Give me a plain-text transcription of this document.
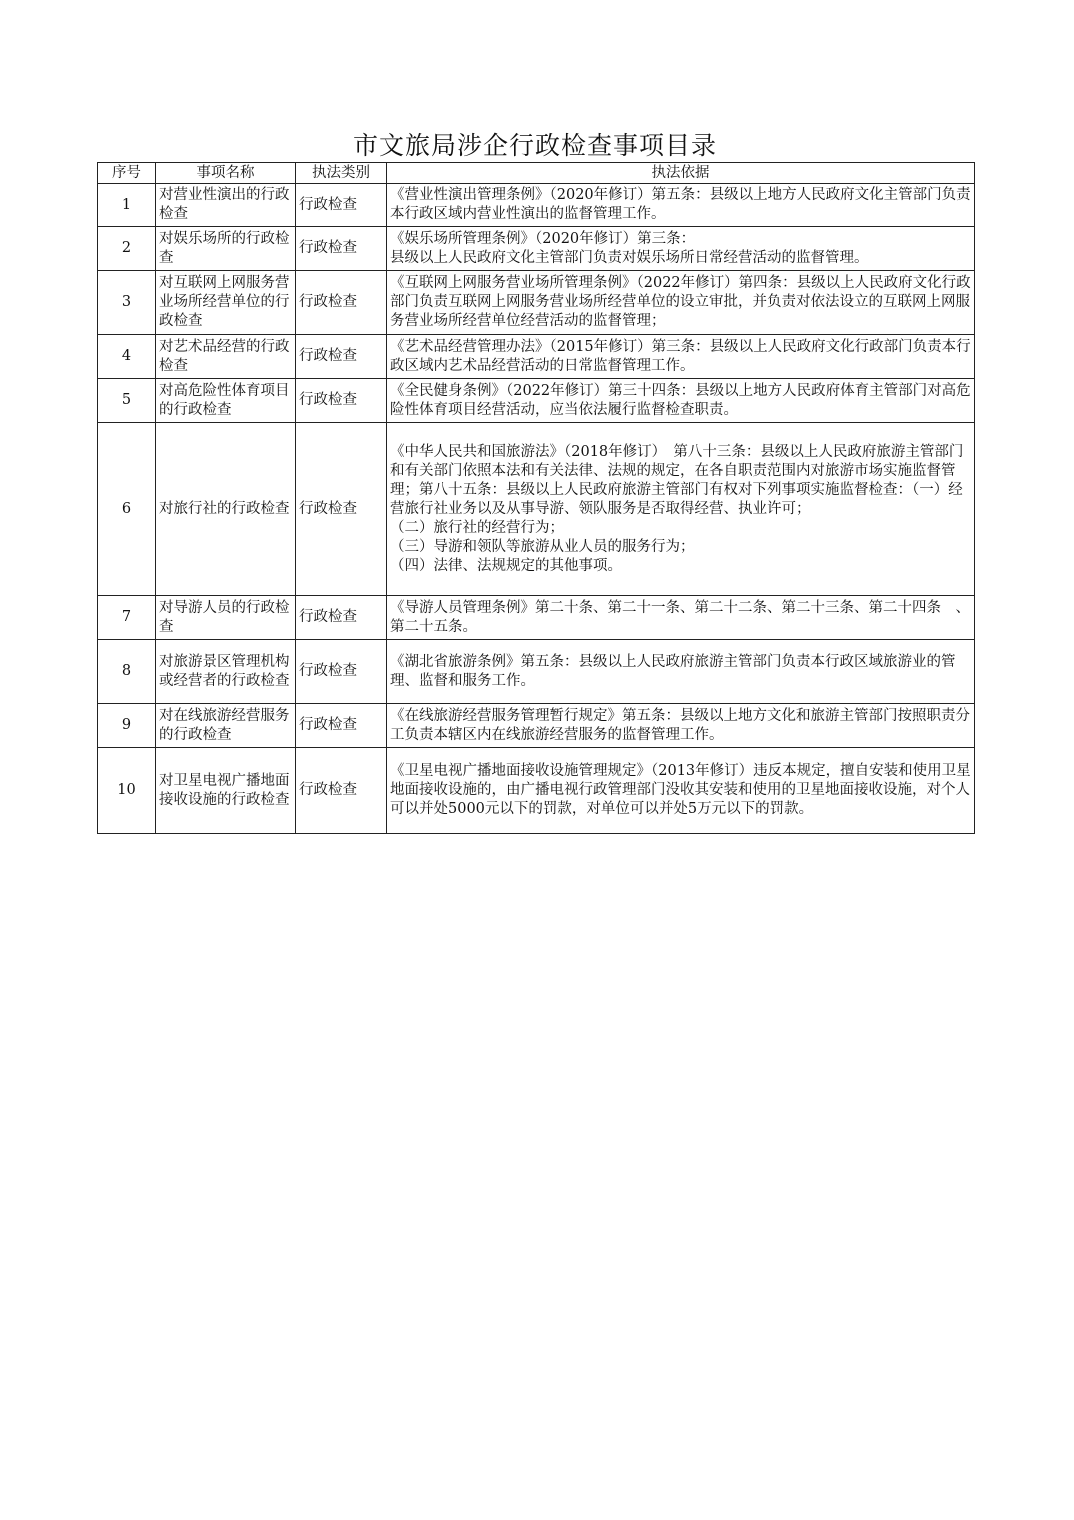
市文旅局涉企行政检查事项目录
序号	事项名称	执法类别	执法依据
1	对营业性演出的行政检查	行政检查	《营业性演出管理条例》（2020年修订）第五条：县级以上地方人民政府文化主管部门负责本行政区域内营业性演出的监督管理工作。
2	对娱乐场所的行政检查	行政检查	《娱乐场所管理条例》（2020年修订）第三条：
县级以上人民政府文化主管部门负责对娱乐场所日常经营活动的监督管理。
3	对互联网上网服务营业场所经营单位的行政检查	行政检查	《互联网上网服务营业场所管理条例》（2022年修订）第四条：县级以上人民政府文化行政部门负责互联网上网服务营业场所经营单位的设立审批，并负责对依法设立的互联网上网服务营业场所经营单位经营活动的监督管理；
4	对艺术品经营的行政检查	行政检查	《艺术品经营管理办法》（2015年修订）第三条：县级以上人民政府文化行政部门负责本行政区域内艺术品经营活动的日常监督管理工作。
5	对高危险性体育项目的行政检查	行政检查	《全民健身条例》（2022年修订）第三十四条：县级以上地方人民政府体育主管部门对高危险性体育项目经营活动，应当依法履行监督检查职责。
6	对旅行社的行政检查	行政检查	《中华人民共和国旅游法》（2018年修订）　第八十三条：县级以上人民政府旅游主管部门和有关部门依照本法和有关法律、法规的规定，在各自职责范围内对旅游市场实施监督管理；第八十五条：县级以上人民政府旅游主管部门有权对下列事项实施监督检查：（一）经营旅行社业务以及从事导游、领队服务是否取得经营、执业许可；
（二）旅行社的经营行为；
（三）导游和领队等旅游从业人员的服务行为；
（四）法律、法规规定的其他事项。
7	对导游人员的行政检查	行政检查	《导游人员管理条例》第二十条、第二十一条、第二十二条、第二十三条、第二十四条　、第二十五条。
8	对旅游景区管理机构或经营者的行政检查	行政检查	《湖北省旅游条例》第五条：县级以上人民政府旅游主管部门负责本行政区域旅游业的管理、监督和服务工作。
9	对在线旅游经营服务的行政检查	行政检查	《在线旅游经营服务管理暂行规定》第五条：县级以上地方文化和旅游主管部门按照职责分工负责本辖区内在线旅游经营服务的监督管理工作。
10	对卫星电视广播地面接收设施的行政检查	行政检查	《卫星电视广播地面接收设施管理规定》（2013年修订）违反本规定，擅自安装和使用卫星地面接收设施的，由广播电视行政管理部门没收其安装和使用的卫星地面接收设施，对个人可以并处5000元以下的罚款，对单位可以并处5万元以下的罚款。
